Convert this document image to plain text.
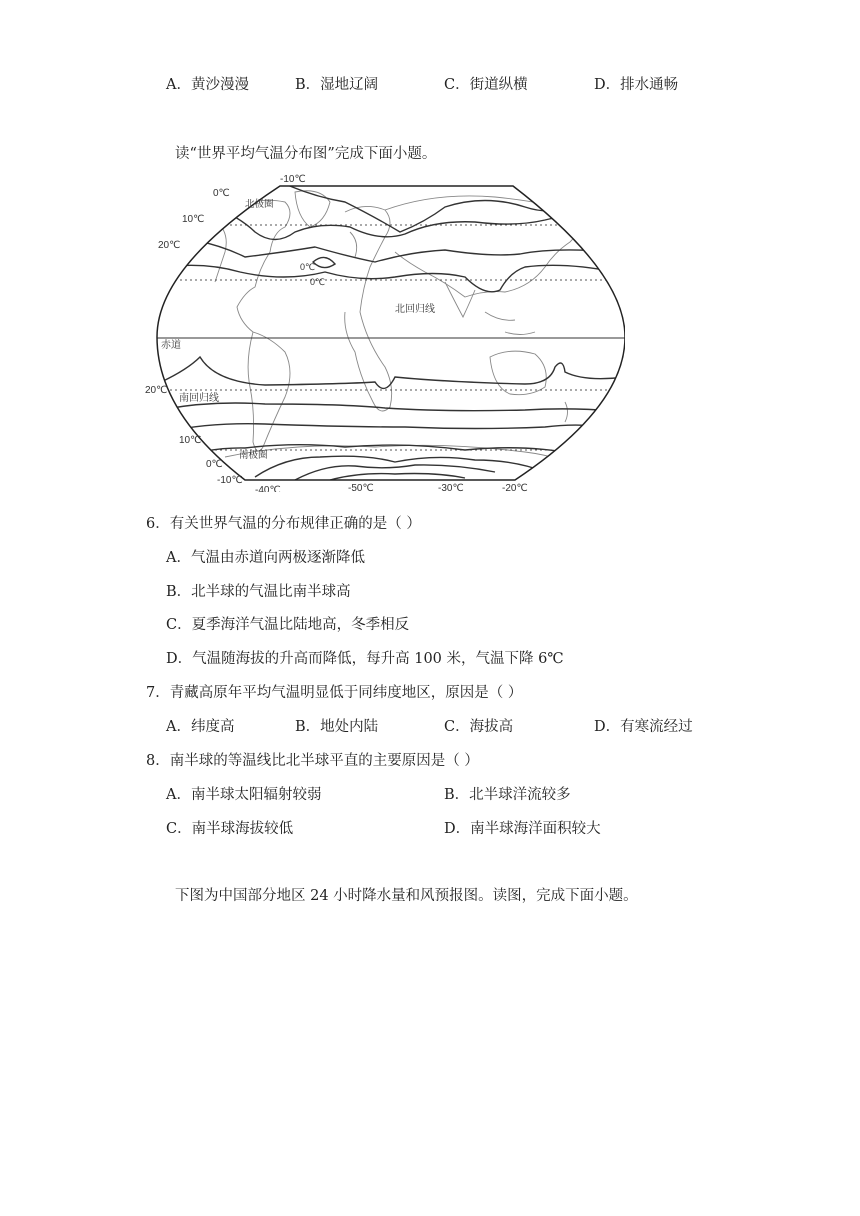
A．黄沙漫漫	B．湿地辽阔	C．街道纵横	D．排水通畅
读“世界平均气温分布图”完成下面小题。
-10℃
0℃
北极圈
10℃
20℃
北回归线
0℃
0℃
赤道
20℃
南回归线
10℃
0℃
南极圈
-10℃
-40℃	-50℃	-30℃	-20℃
6．有关世界气温的分布规律正确的是（ ）
A．气温由赤道向两极逐渐降低
B．北半球的气温比南半球高
C．夏季海洋气温比陆地高，冬季相反
D．气温随海拔的升高而降低，每升高 100 米，气温下降 6℃
7．青藏高原年平均气温明显低于同纬度地区，原因是（ ）
A．纬度高	B．地处内陆	C．海拔高	D．有寒流经过
8．南半球的等温线比北半球平直的主要原因是（ ）
A．南半球太阳辐射较弱	B．北半球洋流较多
C．南半球海拔较低	D．南半球海洋面积较大
下图为中国部分地区 24 小时降水量和风预报图。读图，完成下面小题。
